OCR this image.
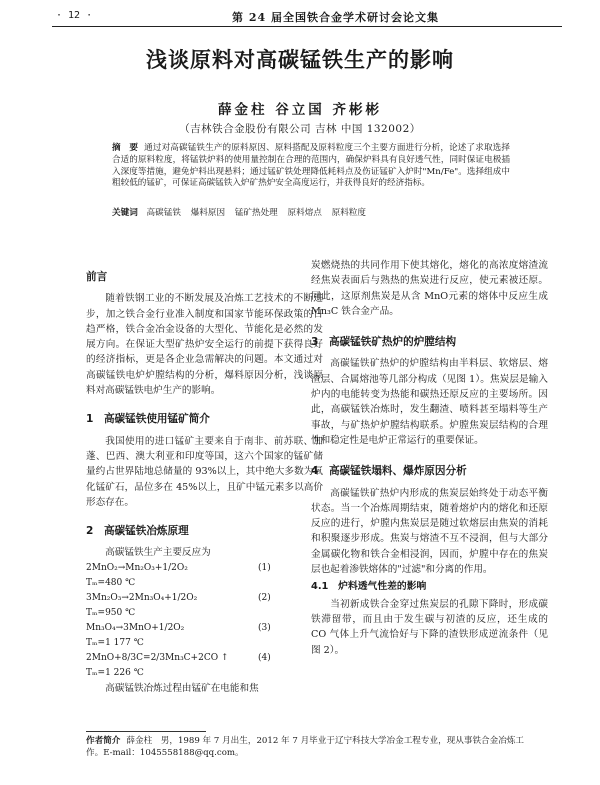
· 12 ·	第 24 届全国铁合金学术研讨会论文集
浅谈原料对高碳锰铁生产的影响
薛金柱 谷立国 齐彬彬
（吉林铁合金股份有限公司 吉林 中国 132002）
摘　要 通过对高碳锰铁生产的原料原因、原料搭配及原料粒度三个主要方面进行分析，论述了求取选择合适的原料粒度，将锰铁炉料的使用量控制在合理的范围内，确保炉料具有良好透气性，同时保证电极插入深度等措施，避免炉料出现悬料；通过锰矿铁处理降低耗料点及伤证锰矿入炉时"Mn/Fe"。选择组成中粗较低的锰矿，可保证高碳锰铁入炉矿热炉安全高度运行，并获得良好的经济指标。
关键词 高碳锰铁 爆料原因 锰矿热处理 原料熔点 原料粒度
前言

随着铁钢工业的不断发展及冶炼工艺技术的不断进步，加之铁合金行业准入制度和国家节能环保政策的日趋严格，铁合金冶金设备的大型化、节能化是必然的发展方向。在保证大型矿热炉安全运行的前提下获得良好的经济指标，更是各企业急需解决的问题。本文通过对高碳锰铁电炉炉膛结构的分析，爆料原因分析，浅谈原料对高碳锰铁电炉生产的影响。

1　高碳锰铁使用锰矿简介

我国使用的进口锰矿主要来自于南非、前苏联、加蓬、巴西、澳大利亚和印度等国，这六个国家的锰矿储量约占世界陆地总储量的 93%以上，其中绝大多数为氧化锰矿石，品位多在 45%以上，且矿中锰元素多以高价形态存在。

2　高碳锰铁冶炼原理

高碳锰铁生产主要反应为

2MnO₂→Mn₂O₃+1/2O₂	(1)
Tₘ=480 ℃
3Mn₂O₃→2Mn₃O₄+1/2O₂	(2)
Tₘ=950 ℃
Mn₃O₄→3MnO+1/2O₂	(3)
Tₘ=1 177 ℃
2MnO+8/3C=2/3Mn₃C+2CO ↑	(4)
Tₘ=1 226 ℃

高碳锰铁冶炼过程由锰矿在电能和焦

炭燃烧热的共同作用下使其熔化，熔化的高浓度熔渣流经焦炭表面后与熟热的焦炭进行反应，使元素被还原。同此，这原剂焦炭是从含 MnO元素的熔体中反应生成 Mn₃C 铁合金产品。

3　高碳锰铁矿热炉的炉膛结构

高碳锰铁矿热炉的炉膛结构由半料层、软熔层、熔渣层、合属熔池等几部分构成（见图 1）。焦炭层是输入炉内的电能转变为热能和碳热还原反应的主要场所。因此，高碳锰铁冶炼时，发生翻渣、喷料甚至塌料等生产事故，与矿热炉炉膛结构联系。炉膛焦炭层结构的合理性和稳定性是电炉正常运行的重要保证。

4　高碳锰铁塌料、爆炸原因分析

高碳锰铁矿热炉内形成的焦炭层始终处于动态平衡状态。当一个冶炼周期结束，随着熔炉内的熔化和还原反应的进行，炉膛内焦炭层是随过软熔层由焦炭的消耗和积聚逐步形成。焦炭与熔渣不互不浸润，但与大部分金属碳化物和铁合金相浸润，因而，炉膛中存在的焦炭层也起着渗铁熔体的"过滤"和分离的作用。

4.1　炉料透气性差的影响

当初新成铁合金穿过焦炭层的孔隙下降时，形成碳铁滞留带，而且由于发生碳与初渣的反应，还生成的 CO 气体上升气流恰好与下降的渣铁形成逆流条件（见图 2）。

作者简介 薛金柱　男，1989 年 7 月出生，2012 年 7 月毕业于辽宁科技大学冶金工程专业，现从事铁合金冶炼工作。E-mail：1045558188@qq.com。
